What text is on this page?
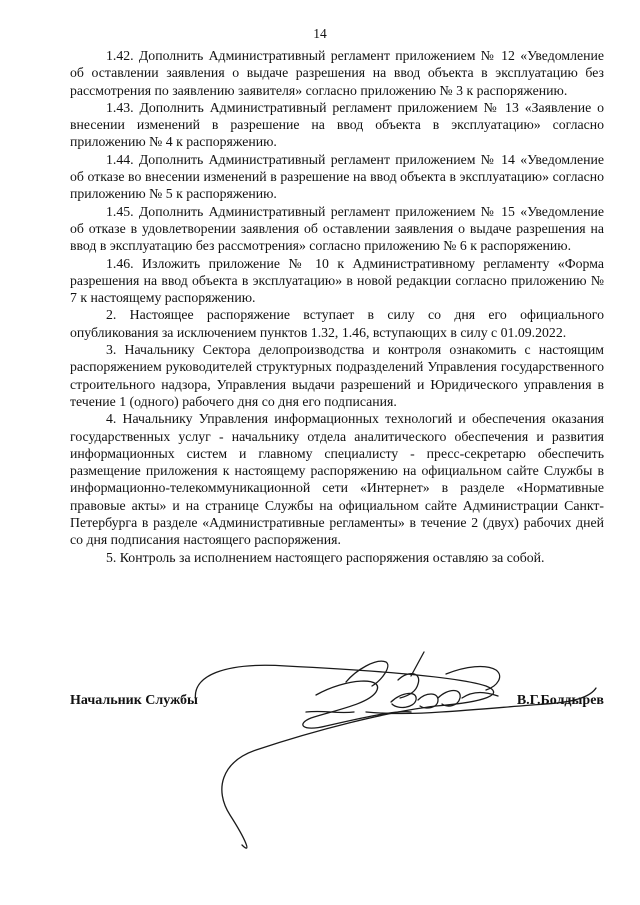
14

1.42. Дополнить Административный регламент приложением № 12 «Уведомление об оставлении заявления о выдаче разрешения на ввод объекта в эксплуатацию без рассмотрения по заявлению заявителя» согласно приложению № 3 к распоряжению.

1.43. Дополнить Административный регламент приложением № 13 «Заявление о внесении изменений в разрешение на ввод объекта в эксплуатацию» согласно приложению № 4 к распоряжению.

1.44. Дополнить Административный регламент приложением № 14 «Уведомление об отказе во внесении изменений в разрешение на ввод объекта в эксплуатацию» согласно приложению № 5 к распоряжению.

1.45. Дополнить Административный регламент приложением № 15 «Уведомление об отказе в удовлетворении заявления об оставлении заявления о выдаче разрешения на ввод в эксплуатацию без рассмотрения» согласно приложению № 6 к распоряжению.

1.46. Изложить приложение № 10 к Административному регламенту «Форма разрешения на ввод объекта в эксплуатацию» в новой редакции согласно приложению № 7 к настоящему распоряжению.

2. Настоящее распоряжение вступает в силу со дня его официального опубликования за исключением пунктов 1.32, 1.46, вступающих в силу с 01.09.2022.

3. Начальнику Сектора делопроизводства и контроля ознакомить с настоящим распоряжением руководителей структурных подразделений Управления государственного строительного надзора, Управления выдачи разрешений и Юридического управления в течение 1 (одного) рабочего дня со дня его подписания.

4. Начальнику Управления информационных технологий и обеспечения оказания государственных услуг - начальнику отдела аналитического обеспечения и развития информационных систем и главному специалисту - пресс-секретарю обеспечить размещение приложения к настоящему распоряжению на официальном сайте Службы в информационно-телекоммуникационной сети «Интернет» в разделе «Нормативные правовые акты» и на странице Службы на официальном сайте Администрации Санкт-Петербурга в разделе «Административные регламенты» в течение 2 (двух) рабочих дней со дня подписания настоящего распоряжения.

5. Контроль за исполнением настоящего распоряжения оставляю за собой.

Начальник Службы	В.Г.Болдырев
